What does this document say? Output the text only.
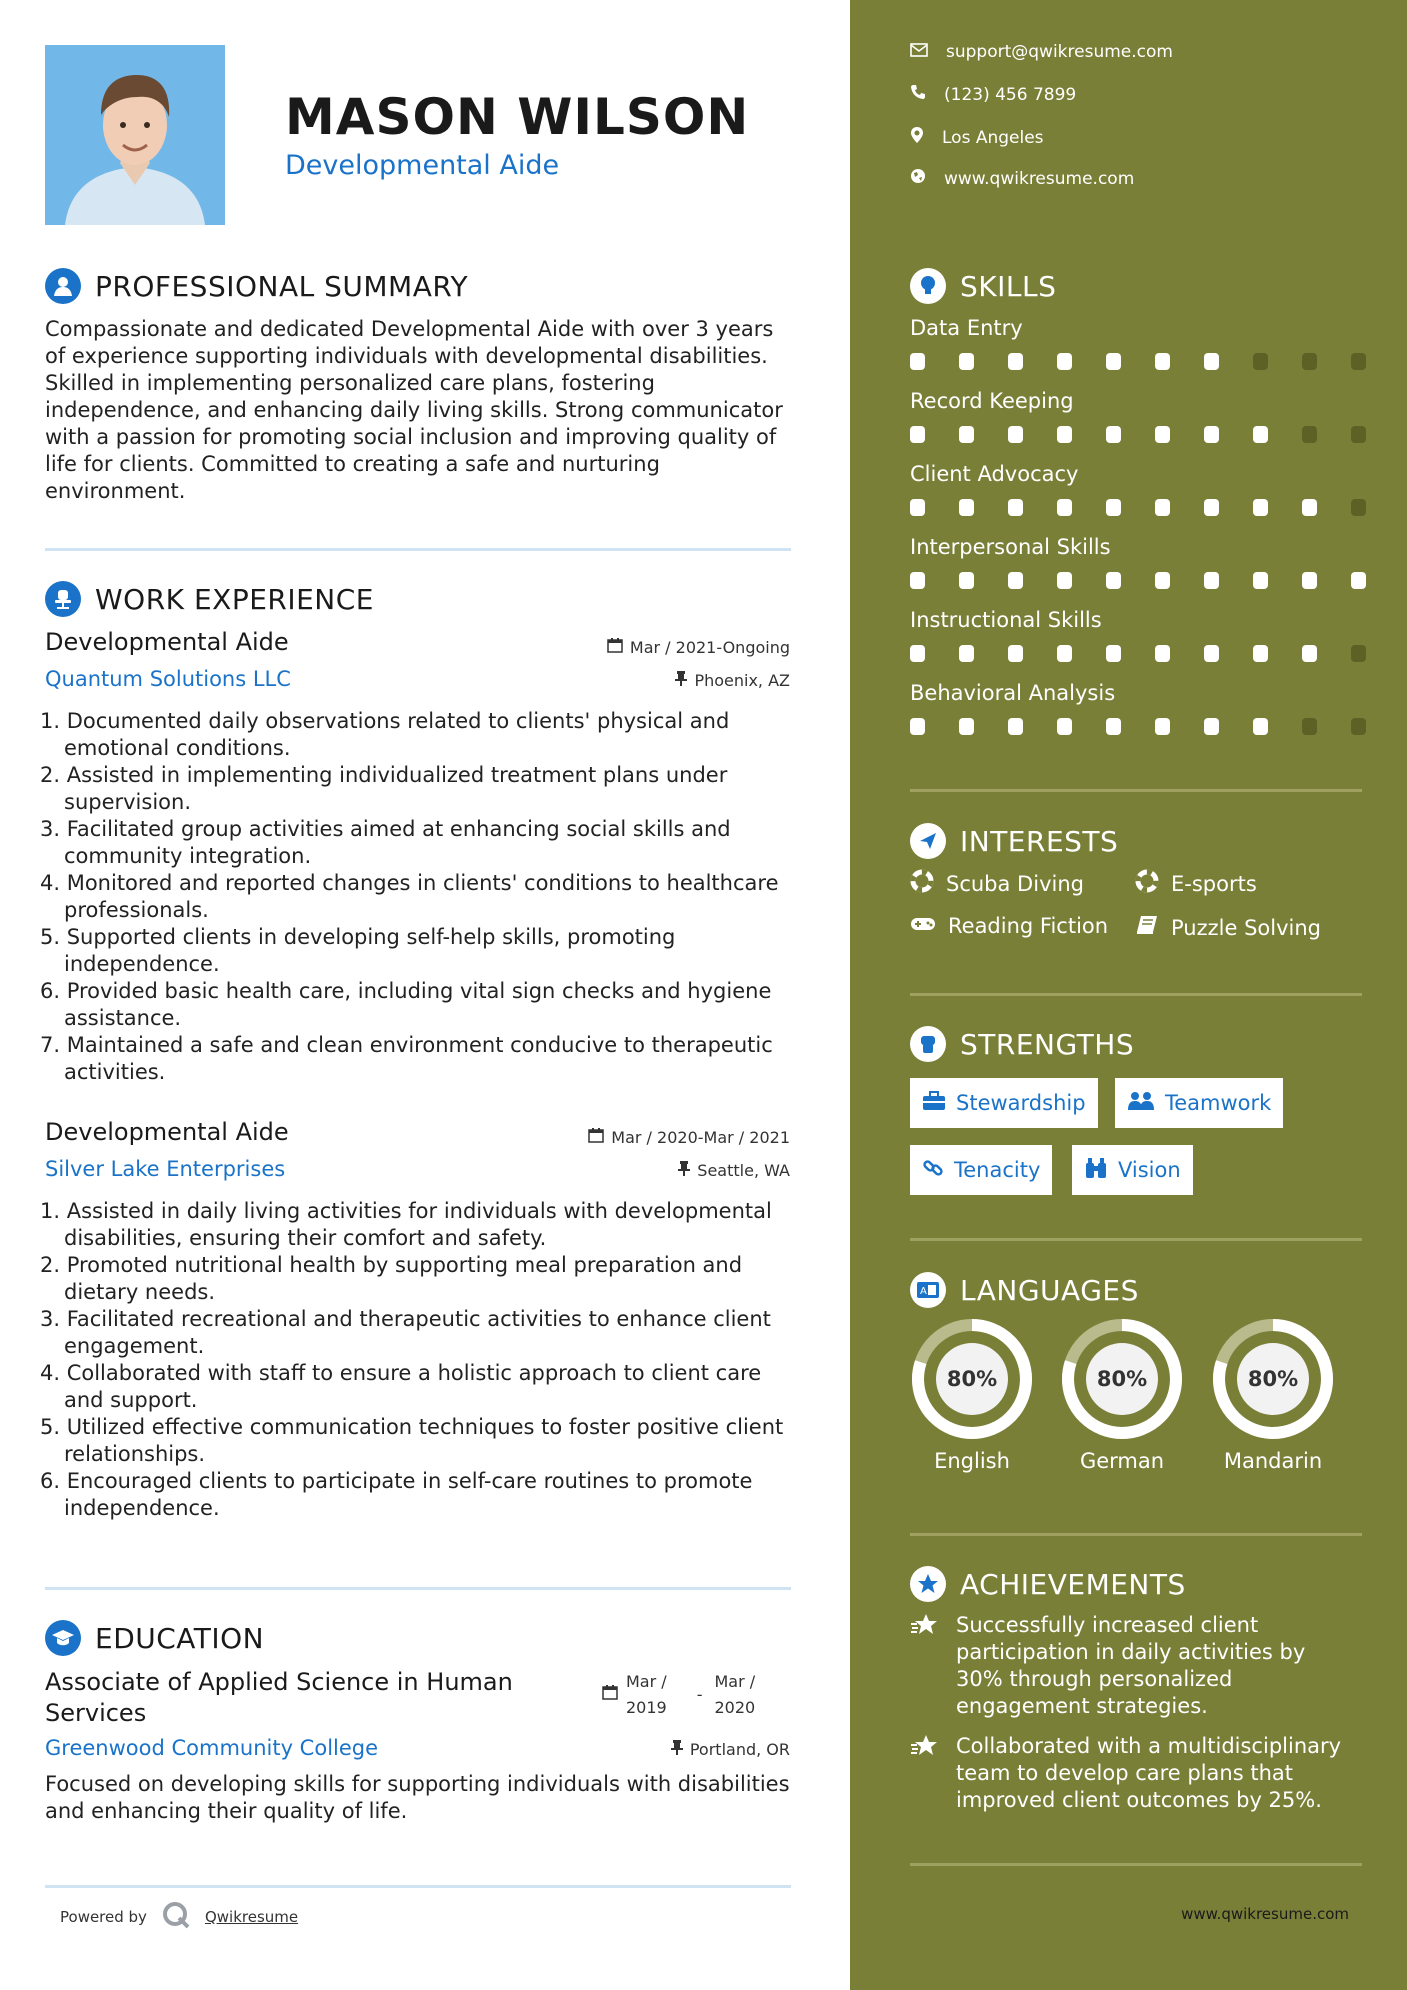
MASON WILSON
Developmental Aide
PROFESSIONAL SUMMARY
Compassionate and dedicated Developmental Aide with over 3 years of experience supporting individuals with developmental disabilities. Skilled in implementing personalized care plans, fostering independence, and enhancing daily living skills. Strong communicator with a passion for promoting social inclusion and improving quality of life for clients. Committed to creating a safe and nurturing environment.
WORK EXPERIENCE
Developmental Aide
Quantum Solutions LLC
Mar / 2021-Ongoing
Phoenix, AZ
1. Documented daily observations related to clients' physical and emotional conditions.
2. Assisted in implementing individualized treatment plans under supervision.
3. Facilitated group activities aimed at enhancing social skills and community integration.
4. Monitored and reported changes in clients' conditions to healthcare professionals.
5. Supported clients in developing self-help skills, promoting independence.
6. Provided basic health care, including vital sign checks and hygiene assistance.
7. Maintained a safe and clean environment conducive to therapeutic activities.
Developmental Aide
Silver Lake Enterprises
Mar / 2020-Mar / 2021
Seattle, WA
1. Assisted in daily living activities for individuals with developmental disabilities, ensuring their comfort and safety.
2. Promoted nutritional health by supporting meal preparation and dietary needs.
3. Facilitated recreational and therapeutic activities to enhance client engagement.
4. Collaborated with staff to ensure a holistic approach to client care and support.
5. Utilized effective communication techniques to foster positive client relationships.
6. Encouraged clients to participate in self-care routines to promote independence.
EDUCATION
Associate of Applied Science in Human Services
Mar /
2019
-
Mar /
2020
Greenwood Community College	Portland, OR
Focused on developing skills for supporting individuals with disabilities and enhancing their quality of life.
Powered by	Qwikresume
support@qwikresume.com
(123) 456 7899
Los Angeles
www.qwikresume.com
SKILLS
Data Entry
Record Keeping
Client Advocacy
Interpersonal Skills
Instructional Skills
Behavioral Analysis
INTERESTS
Scuba Diving	E-sports
Reading Fiction	Puzzle Solving
STRENGTHS
Stewardship	Teamwork
Tenacity	Vision
A LANGUAGES
80%
English
80%
German
80%
Mandarin
ACHIEVEMENTS
Successfully increased client participation in daily activities by 30% through personalized engagement strategies.
Collaborated with a multidisciplinary team to develop care plans that improved client outcomes by 25%.
www.qwikresume.com
